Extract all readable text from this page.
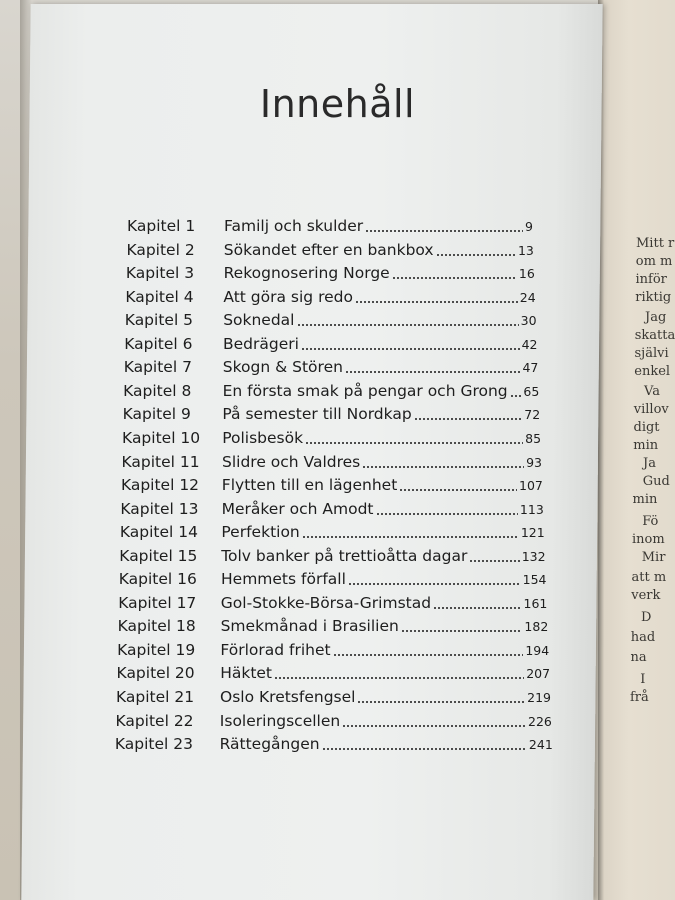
Mitt r
om m
inför
riktig
Jag
skatta
självi
enkel
Va
villov
digt
min
Ja
Gud
min
Fö
inom
Mir
att m
verk
D
had
na
I
frå
Innehåll
Kapitel 1 Familj och skulder	9
Kapitel 2 Sökandet efter en bankbox	13
Kapitel 3 Rekognosering Norge	16
Kapitel 4 Att göra sig redo	24
Kapitel 5 Soknedal	30
Kapitel 6 Bedrägeri	42
Kapitel 7 Skogn & Stören	47
Kapitel 8 En första smak på pengar och Grong 65
Kapitel 9 På semester till Nordkap	72
Kapitel 10 Polisbesök	85
Kapitel 11 Slidre och Valdres	93
Kapitel 12 Flytten till en lägenhet	107
Kapitel 13 Meråker och Amodt	113
Kapitel 14 Perfektion	121
Kapitel 15 Tolv banker på trettioåtta dagar	132
Kapitel 16 Hemmets förfall	154
Kapitel 17 Gol-Stokke-Börsa-Grimstad	161
Kapitel 18 Smekmånad i Brasilien	182
Kapitel 19 Förlorad frihet	194
Kapitel 20 Häktet	207
Kapitel 21 Oslo Kretsfengsel	219
Kapitel 22 Isoleringscellen	226
Kapitel 23 Rättegången	241
